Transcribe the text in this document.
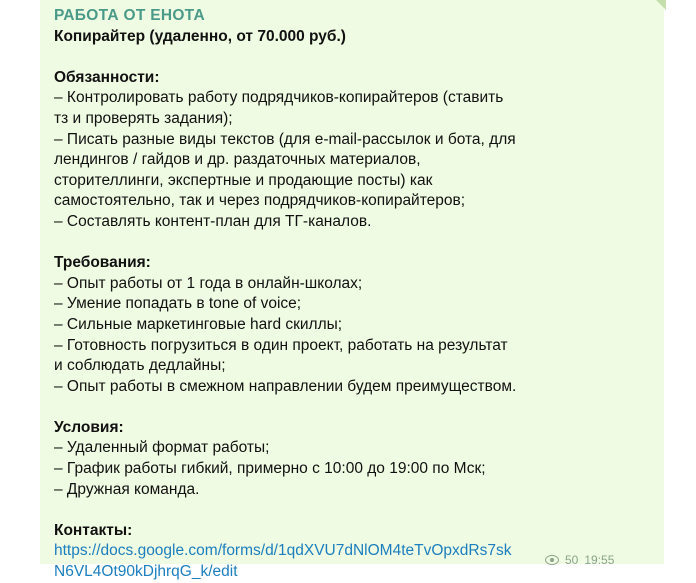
РАБОТА ОТ ЕНОТА
Копирайтер (удаленно, от 70.000 руб.)
Обязанности:
– Контролировать работу подрядчиков-копирайтеров (ставить
тз и проверять задания);
– Писать разные виды текстов (для e-mail-рассылок и бота, для
лендингов / гайдов и др. раздаточных материалов,
сторителлинги, экспертные и продающие посты) как
самостоятельно, так и через подрядчиков-копирайтеров;
– Составлять контент-план для ТГ-каналов.
Требования:
– Опыт работы от 1 года в онлайн-школах;
– Умение попадать в tone of voice;
– Сильные маркетинговые hard скиллы;
– Готовность погрузиться в один проект, работать на результат
и соблюдать дедлайны;
– Опыт работы в смежном направлении будем преимуществом.
Условия:
– Удаленный формат работы;
– График работы гибкий, примерно с 10:00 до 19:00 по Мск;
– Дружная команда.
Контакты:
https://docs.google.com/forms/d/1qdXVU7dNlOM4teTvOpxdRs7sk
N6VL4Ot90kDjhrqG_k/edit
50 19:55
